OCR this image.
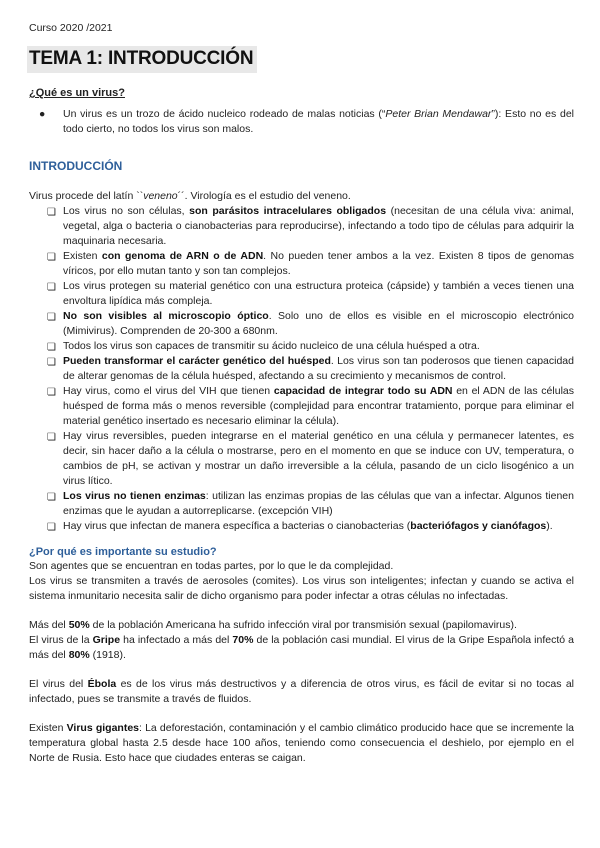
Curso 2020 /2021
TEMA 1: INTRODUCCIÓN
¿Qué es un virus?
● Un virus es un trozo de ácido nucleico rodeado de malas noticias (“Peter Brian Mendawar”): Esto no es del todo cierto, no todos los virus son malos.
INTRODUCCIÓN

Virus procede del latín ``veneno´´. Virología es el estudio del veneno.

❏ Los virus no son células, son parásitos intracelulares obligados (necesitan de una célula viva: animal, vegetal, alga o bacteria o cianobacterias para reproducirse), infectando a todo tipo de células para adquirir la maquinaria necesaria.
❏ Existen con genoma de ARN o de ADN. No pueden tener ambos a la vez. Existen 8 tipos de genomas víricos, por ello mutan tanto y son tan complejos.
❏ Los virus protegen su material genético con una estructura proteica (cápside) y también a veces tienen una envoltura lipídica más compleja.
❏ No son visibles al microscopio óptico. Solo uno de ellos es visible en el microscopio electrónico (Mimivirus). Comprenden de 20-300 a 680nm.
❏ Todos los virus son capaces de transmitir su ácido nucleico de una célula huésped a otra.
❏ Pueden transformar el carácter genético del huésped. Los virus son tan poderosos que tienen capacidad de alterar genomas de la célula huésped, afectando a su crecimiento y mecanismos de control.
❏ Hay virus, como el virus del VIH que tienen capacidad de integrar todo su ADN en el ADN de las células huésped de forma más o menos reversible (complejidad para encontrar tratamiento, porque para eliminar el material genético insertado es necesario eliminar la célula).
❏ Hay virus reversibles, pueden integrarse en el material genético en una célula y permanecer latentes, es decir, sin hacer daño a la célula o mostrarse, pero en el momento en que se induce con UV, temperatura, o cambios de pH, se activan y mostrar un daño irreversible a la célula, pasando de un ciclo lisogénico a un virus lítico.
❏ Los virus no tienen enzimas: utilizan las enzimas propias de las células que van a infectar. Algunos tienen enzimas que le ayudan a autorreplicarse. (excepción VIH)
❏ Hay virus que infectan de manera específica a bacterias o cianobacterias (bacteriófagos y cianófagos).
¿Por qué es importante su estudio?

Son agentes que se encuentran en todas partes, por lo que le da complejidad.

Los virus se transmiten a través de aerosoles (comites). Los virus son inteligentes; infectan y cuando se activa el sistema inmunitario necesita salir de dicho organismo para poder infectar a otras células no infectadas.

Más del 50% de la población Americana ha sufrido infección viral por transmisión sexual (papilomavirus).
El virus de la Gripe ha infectado a más del 70% de la población casi mundial. El virus de la Gripe Española infectó a más del 80% (1918).

El virus del Ébola es de los virus más destructivos y a diferencia de otros virus, es fácil de evitar si no tocas al infectado, pues se transmite a través de fluidos.

Existen Virus gigantes: La deforestación, contaminación y el cambio climático producido hace que se incremente la temperatura global hasta 2.5 desde hace 100 años, teniendo como consecuencia el deshielo, por ejemplo en el Norte de Rusia. Esto hace que ciudades enteras se caigan.
